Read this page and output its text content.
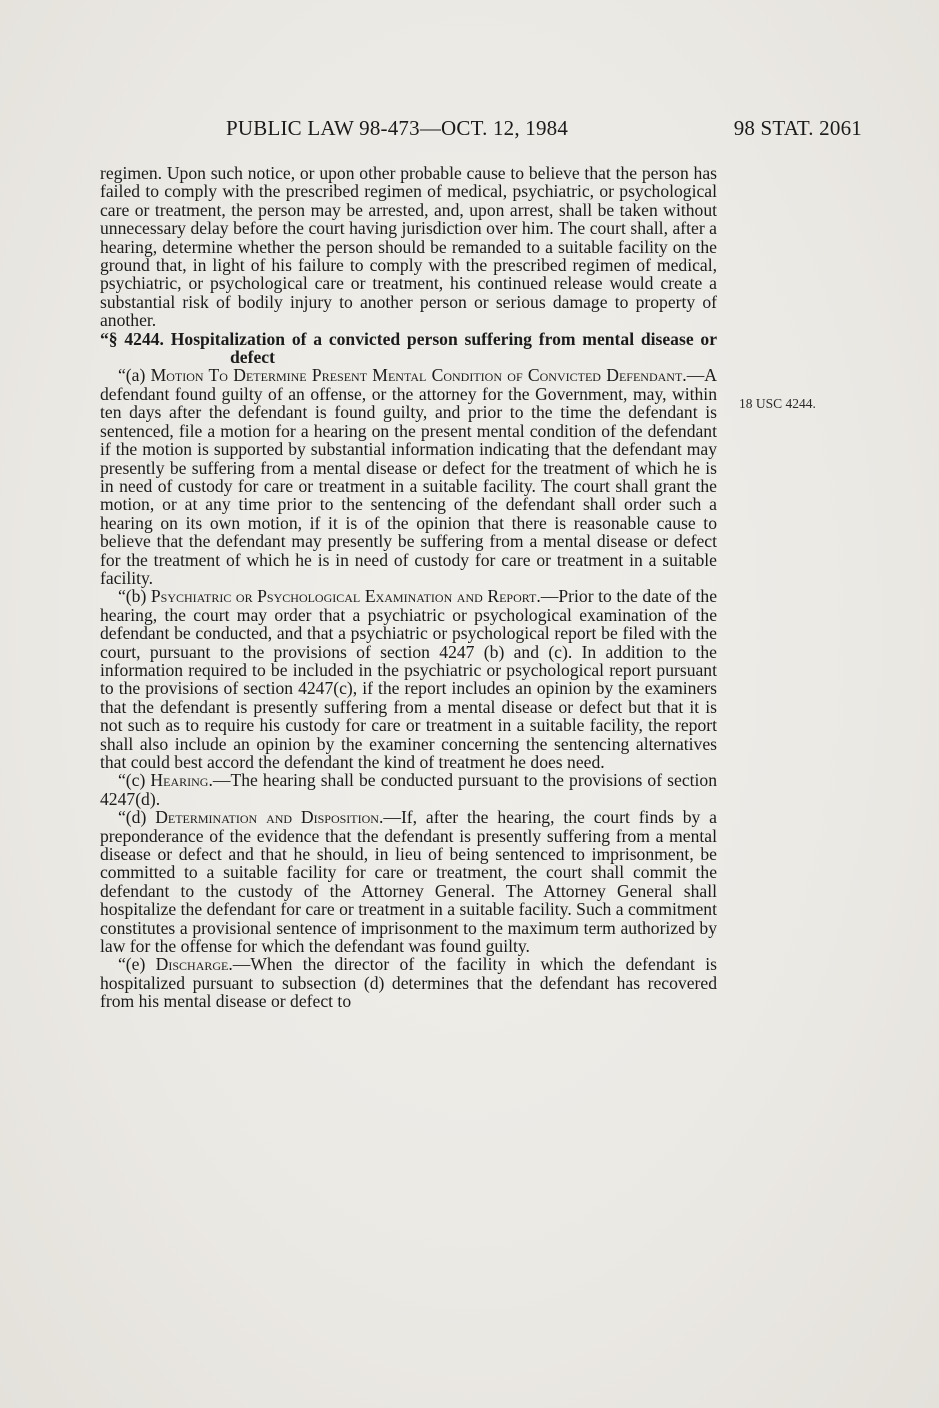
PUBLIC LAW 98-473—OCT. 12, 1984	98 STAT. 2061
18 USC 4244.

regimen. Upon such notice, or upon other probable cause to believe that the person has failed to comply with the prescribed regimen of medical, psychiatric, or psychological care or treatment, the person may be arrested, and, upon arrest, shall be taken without unnecessary delay before the court having jurisdiction over him. The court shall, after a hearing, determine whether the person should be remanded to a suitable facility on the ground that, in light of his failure to comply with the prescribed regimen of medical, psychiatric, or psychological care or treatment, his continued release would create a substantial risk of bodily injury to another person or serious damage to property of another.

“§ 4244. Hospitalization of a convicted person suffering from mental disease or defect

“(a) Motion To Determine Present Mental Condition of Convicted Defendant.—A defendant found guilty of an offense, or the attorney for the Government, may, within ten days after the defendant is found guilty, and prior to the time the defendant is sentenced, file a motion for a hearing on the present mental condition of the defendant if the motion is supported by substantial information indicating that the defendant may presently be suffering from a mental disease or defect for the treatment of which he is in need of custody for care or treatment in a suitable facility. The court shall grant the motion, or at any time prior to the sentencing of the defendant shall order such a hearing on its own motion, if it is of the opinion that there is reasonable cause to believe that the defendant may presently be suffering from a mental disease or defect for the treatment of which he is in need of custody for care or treatment in a suitable facility.

“(b) Psychiatric or Psychological Examination and Report.—Prior to the date of the hearing, the court may order that a psychiatric or psychological examination of the defendant be conducted, and that a psychiatric or psychological report be filed with the court, pursuant to the provisions of section 4247 (b) and (c). In addition to the information required to be included in the psychiatric or psychological report pursuant to the provisions of section 4247(c), if the report includes an opinion by the examiners that the defendant is presently suffering from a mental disease or defect but that it is not such as to require his custody for care or treatment in a suitable facility, the report shall also include an opinion by the examiner concerning the sentencing alternatives that could best accord the defendant the kind of treatment he does need.

“(c) Hearing.—The hearing shall be conducted pursuant to the provisions of section 4247(d).

“(d) Determination and Disposition.—If, after the hearing, the court finds by a preponderance of the evidence that the defendant is presently suffering from a mental disease or defect and that he should, in lieu of being sentenced to imprisonment, be committed to a suitable facility for care or treatment, the court shall commit the defendant to the custody of the Attorney General. The Attorney General shall hospitalize the defendant for care or treatment in a suitable facility. Such a commitment constitutes a provisional sentence of imprisonment to the maximum term authorized by law for the offense for which the defendant was found guilty.

“(e) Discharge.—When the director of the facility in which the defendant is hospitalized pursuant to subsection (d) determines that the defendant has recovered from his mental disease or defect to
